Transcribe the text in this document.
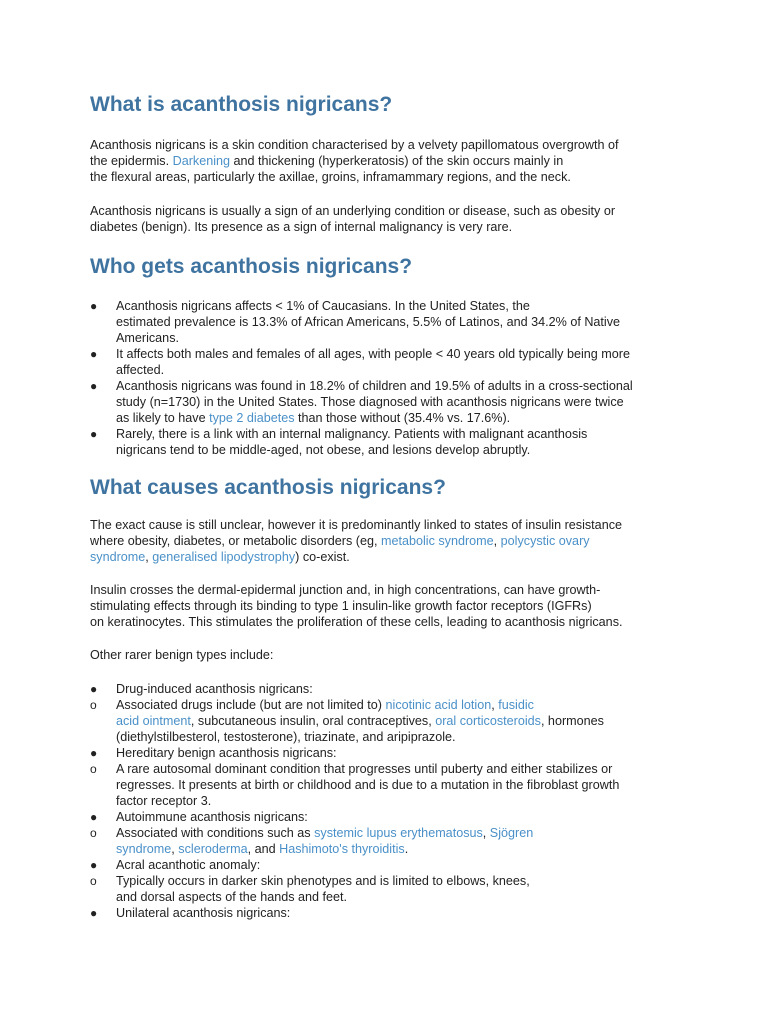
What is acanthosis nigricans?

Acanthosis nigricans is a skin condition characterised by a velvety papillomatous overgrowth of
the epidermis. Darkening and thickening (hyperkeratosis) of the skin occurs mainly in
the flexural areas, particularly the axillae, groins, inframammary regions, and the neck.

Acanthosis nigricans is usually a sign of an underlying condition or disease, such as obesity or
diabetes (benign). Its presence as a sign of internal malignancy is very rare.

Who gets acanthosis nigricans?
●	Acanthosis nigricans affects < 1% of Caucasians. In the United States, the
estimated prevalence is 13.3% of African Americans, 5.5% of Latinos, and 34.2% of Native
Americans.
●	It affects both males and females of all ages, with people < 40 years old typically being more
affected.
●	Acanthosis nigricans was found in 18.2% of children and 19.5% of adults in a cross-sectional
study (n=1730) in the United States. Those diagnosed with acanthosis nigricans were twice
as likely to have type 2 diabetes than those without (35.4% vs. 17.6%).
●	Rarely, there is a link with an internal malignancy. Patients with malignant acanthosis
nigricans tend to be middle-aged, not obese, and lesions develop abruptly.
What causes acanthosis nigricans?

The exact cause is still unclear, however it is predominantly linked to states of insulin resistance
where obesity, diabetes, or metabolic disorders (eg, metabolic syndrome, polycystic ovary
syndrome, generalised lipodystrophy) co-exist.

Insulin crosses the dermal-epidermal junction and, in high concentrations, can have growth-
stimulating effects through its binding to type 1 insulin-like growth factor receptors (IGFRs)
on keratinocytes. This stimulates the proliferation of these cells, leading to acanthosis nigricans.

Other rarer benign types include:

●	Drug-induced acanthosis nigricans:
o	Associated drugs include (but are not limited to) nicotinic acid lotion, fusidic
acid ointment, subcutaneous insulin, oral contraceptives, oral corticosteroids, hormones
(diethylstilbesterol, testosterone), triazinate, and aripiprazole.
●	Hereditary benign acanthosis nigricans:
o	A rare autosomal dominant condition that progresses until puberty and either stabilizes or
regresses. It presents at birth or childhood and is due to a mutation in the fibroblast growth
factor receptor 3.
●	Autoimmune acanthosis nigricans:
o	Associated with conditions such as systemic lupus erythematosus, Sjögren
syndrome, scleroderma, and Hashimoto's thyroiditis.
●	Acral acanthotic anomaly:
o	Typically occurs in darker skin phenotypes and is limited to elbows, knees,
and dorsal aspects of the hands and feet.
●	Unilateral acanthosis nigricans:
